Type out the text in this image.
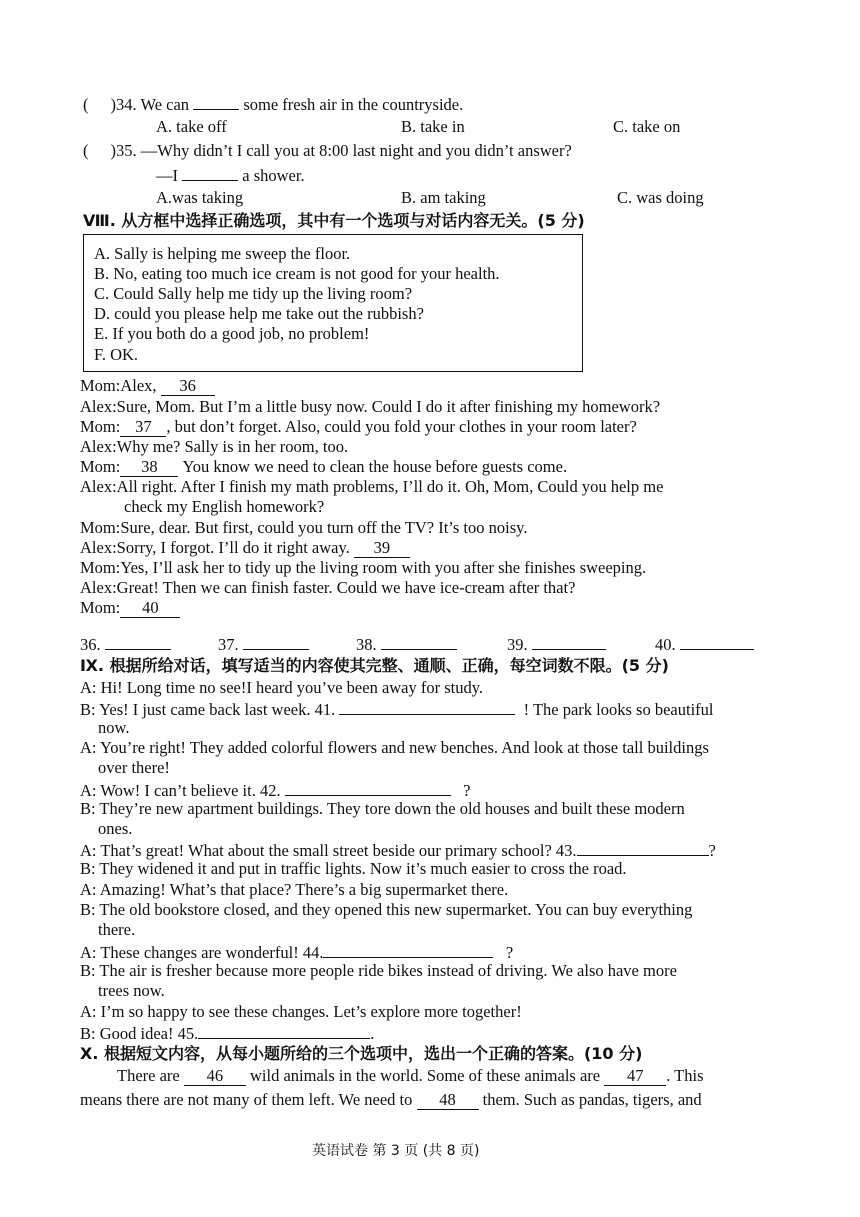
( )34. We can	some fresh air in the countryside.
A. take off	B. take in	C. take on
( )35. —Why didn’t I call you at 8:00 last night and you didn’t answer?
—I	a shower.
A.was taking	B. am taking	C. was doing
Ⅷ. 从方框中选择正确选项，其中有一个选项与对话内容无关。(5 分)
A. Sally is helping me sweep the floor.
B. No, eating too much ice cream is not good for your health.
C. Could Sally help me tidy up the living room?
D. could you please help me take out the rubbish?
E. If you both do a good job, no problem!
F. OK.
Mom:Alex, 36
Alex:Sure, Mom. But I’m a little busy now. Could I do it after finishing my homework?
Mom: 37 , but don’t forget. Also, could you fold your clothes in your room later?
Alex:Why me? Sally is in her room, too.
Mom: 38 You know we need to clean the house before guests come.
Alex:All right. After I finish my math problems, I’ll do it. Oh, Mom, Could you help me
check my English homework?
Mom:Sure, dear. But first, could you turn off the TV? It’s too noisy.
Alex:Sorry, I forgot. I’ll do it right away. 39
Mom:Yes, I’ll ask her to tidy up the living room with you after she finishes sweeping.
Alex:Great! Then we can finish faster. Could we have ice-cream after that?
Mom: 40
36.	37.	38.	39.	40.
Ⅸ. 根据所给对话，填写适当的内容使其完整、通顺、正确，每空词数不限。(5 分)
A: Hi! Long time no see!I heard you’ve been away for study.
B: Yes! I just came back last week. 41.	! The park looks so beautiful
now.
A: You’re right! They added colorful flowers and new benches. And look at those tall buildings
over there!
A: Wow! I can’t believe it. 42.	?
B: They’re new apartment buildings. They tore down the old houses and built these modern
ones.
A: That’s great! What about the small street beside our primary school? 43.	?
B: They widened it and put in traffic lights. Now it’s much easier to cross the road.
A: Amazing! What’s that place? There’s a big supermarket there.
B: The old bookstore closed, and they opened this new supermarket. You can buy everything
there.
A: These changes are wonderful! 44.	?
B: The air is fresher because more people ride bikes instead of driving. We also have more
trees now.
A: I’m so happy to see these changes. Let’s explore more together!
B: Good idea! 45.	.
Ⅹ. 根据短文内容，从每小题所给的三个选项中，选出一个正确的答案。(10 分)
There are 46 wild animals in the world. Some of these animals are 47 . This
means there are not many of them left. We need to 48 them. Such as pandas, tigers, and
英语试卷 第 3 页 (共 8 页)
